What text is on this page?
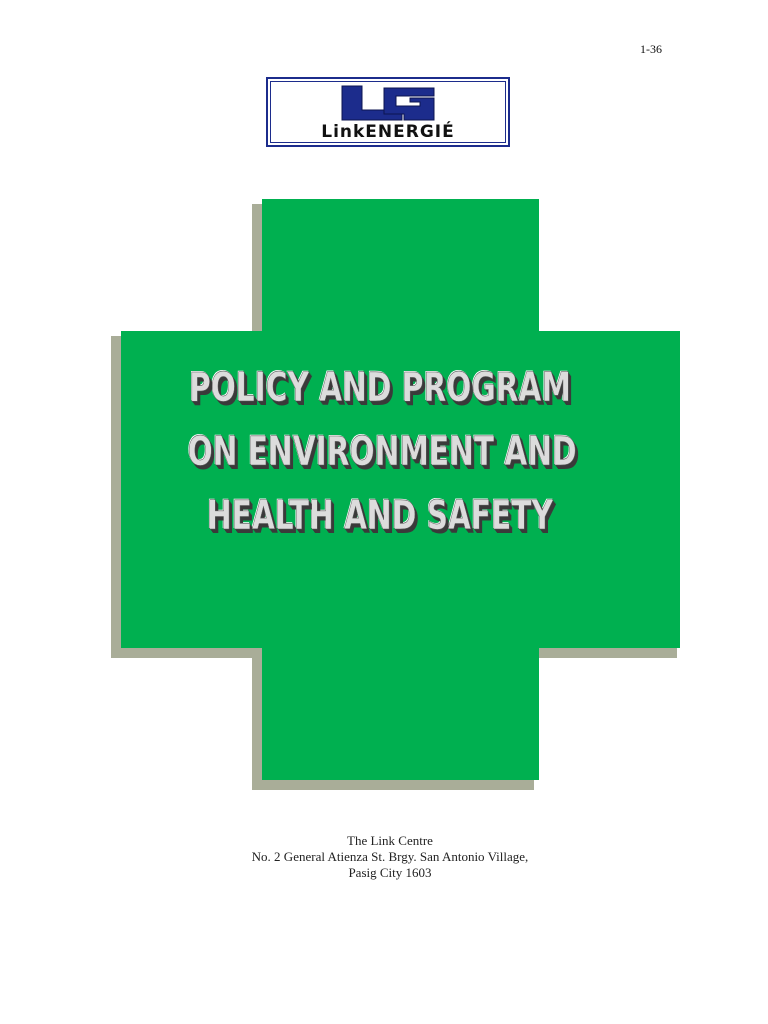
1-36
LinkENERGIÉ
POLICY AND PROGRAM
ON ENVIRONMENT AND
HEALTH AND SAFETY
The Link Centre
No. 2 General Atienza St. Brgy. San Antonio Village,
Pasig City 1603
